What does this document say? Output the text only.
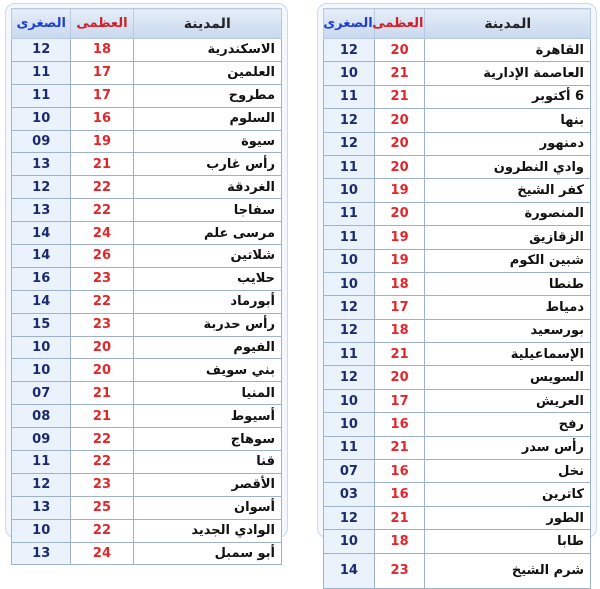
المدينة	العظمى	الصغرى
القاهرة	20	12
العاصمة الإدارية	21	10
6 أكتوبر	21	11
بنها	20	12
دمنهور	20	12
وادي النطرون	20	11
كفر الشيخ	19	10
المنصورة	20	11
الزقازيق	19	11
شبين الكوم	19	10
طنطا	18	10
دمياط	17	12
بورسعيد	18	12
الإسماعيلية	21	11
السويس	20	12
العريش	17	10
رفح	16	10
رأس سدر	21	11
نخل	16	07
كاترين	16	03
الطور	21	12
طابا	18	10
شرم الشيخ	23	14
المدينة	العظمى	الصغرى
الاسكندرية	18	12
العلمين	17	11
مطروح	17	11
السلوم	16	10
سيوة	19	09
رأس غارب	21	13
الغردقة	22	12
سفاجا	22	13
مرسى علم	24	14
شلاتين	26	14
حلايب	23	16
أبورماد	22	14
رأس حدربة	23	15
الفيوم	20	10
بني سويف	20	10
المنيا	21	07
أسيوط	21	08
سوهاج	22	09
قنا	22	11
الأقصر	23	12
أسوان	25	13
الوادي الجديد	22	10
أبو سمبل	24	13
